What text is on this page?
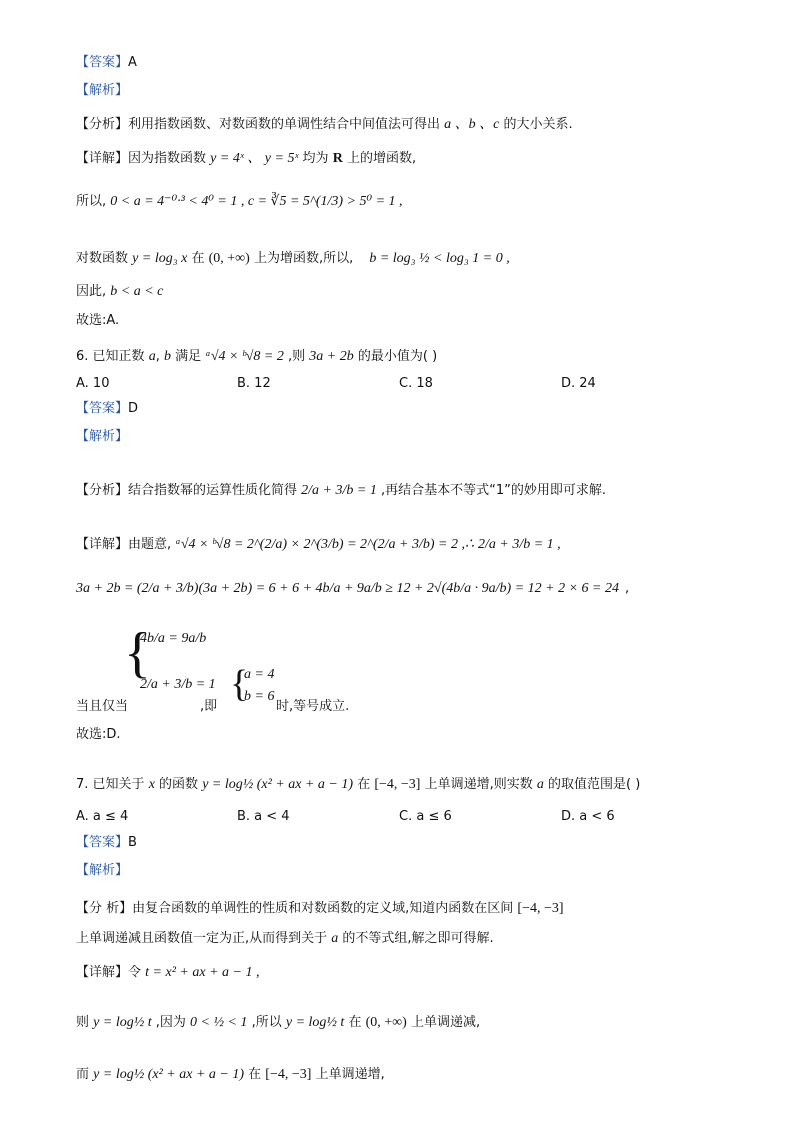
【答案】A
【解析】
【分析】利用指数函数、对数函数的单调性结合中间值法可得出 a 、b 、c 的大小关系.
【详解】因为指数函数 y = 4ˣ 、 y = 5ˣ 均为 R 上的增函数,
所以, 0 < a = 4⁻⁰·³ < 4⁰ = 1 , c = ∛5 = 5^(1/3) > 5⁰ = 1 ,
对数函数 y = log₃ x 在 (0, +∞) 上为增函数,所以, b = log₃ ½ < log₃ 1 = 0 ,
因此, b < a < c
故选:A.
6. 已知正数 a, b 满足 ᵃ√4 × ᵇ√8 = 2 ,则 3a + 2b 的最小值为( )
A. 10	B. 12	C. 18	D. 24
【答案】D
【解析】
【分析】结合指数幂的运算性质化简得 2/a + 3/b = 1 ,再结合基本不等式“1”的妙用即可求解.
【详解】由题意, ᵃ√4 × ᵇ√8 = 2^(2/a) × 2^(3/b) = 2^(2/a + 3/b) = 2 ,∴ 2/a + 3/b = 1 ,
3a + 2b = (2/a + 3/b)(3a + 2b) = 6 + 6 + 4b/a + 9a/b ≥ 12 + 2√(4b/a · 9a/b) = 12 + 2 × 6 = 24 ,
{
4b/a = 9a/b
2/a + 3/b = 1
当且仅当	,即
{
a = 4
b = 6
时,等号成立.
故选:D.
7. 已知关于 x 的函数 y = log½ (x² + ax + a − 1) 在 [−4, −3] 上单调递增,则实数 a 的取值范围是( )
A. a ≤ 4	B. a < 4	C. a ≤ 6	D. a < 6
【答案】B
【解析】
【分 析】由复合函数的单调性的性质和对数函数的定义域,知道内函数在区间 [−4, −3]
上单调递减且函数值一定为正,从而得到关于 a 的不等式组,解之即可得解.
【详解】令 t = x² + ax + a − 1 ,
则 y = log½ t ,因为 0 < ½ < 1 ,所以 y = log½ t 在 (0, +∞) 上单调递减,
而 y = log½ (x² + ax + a − 1) 在 [−4, −3] 上单调递增,
